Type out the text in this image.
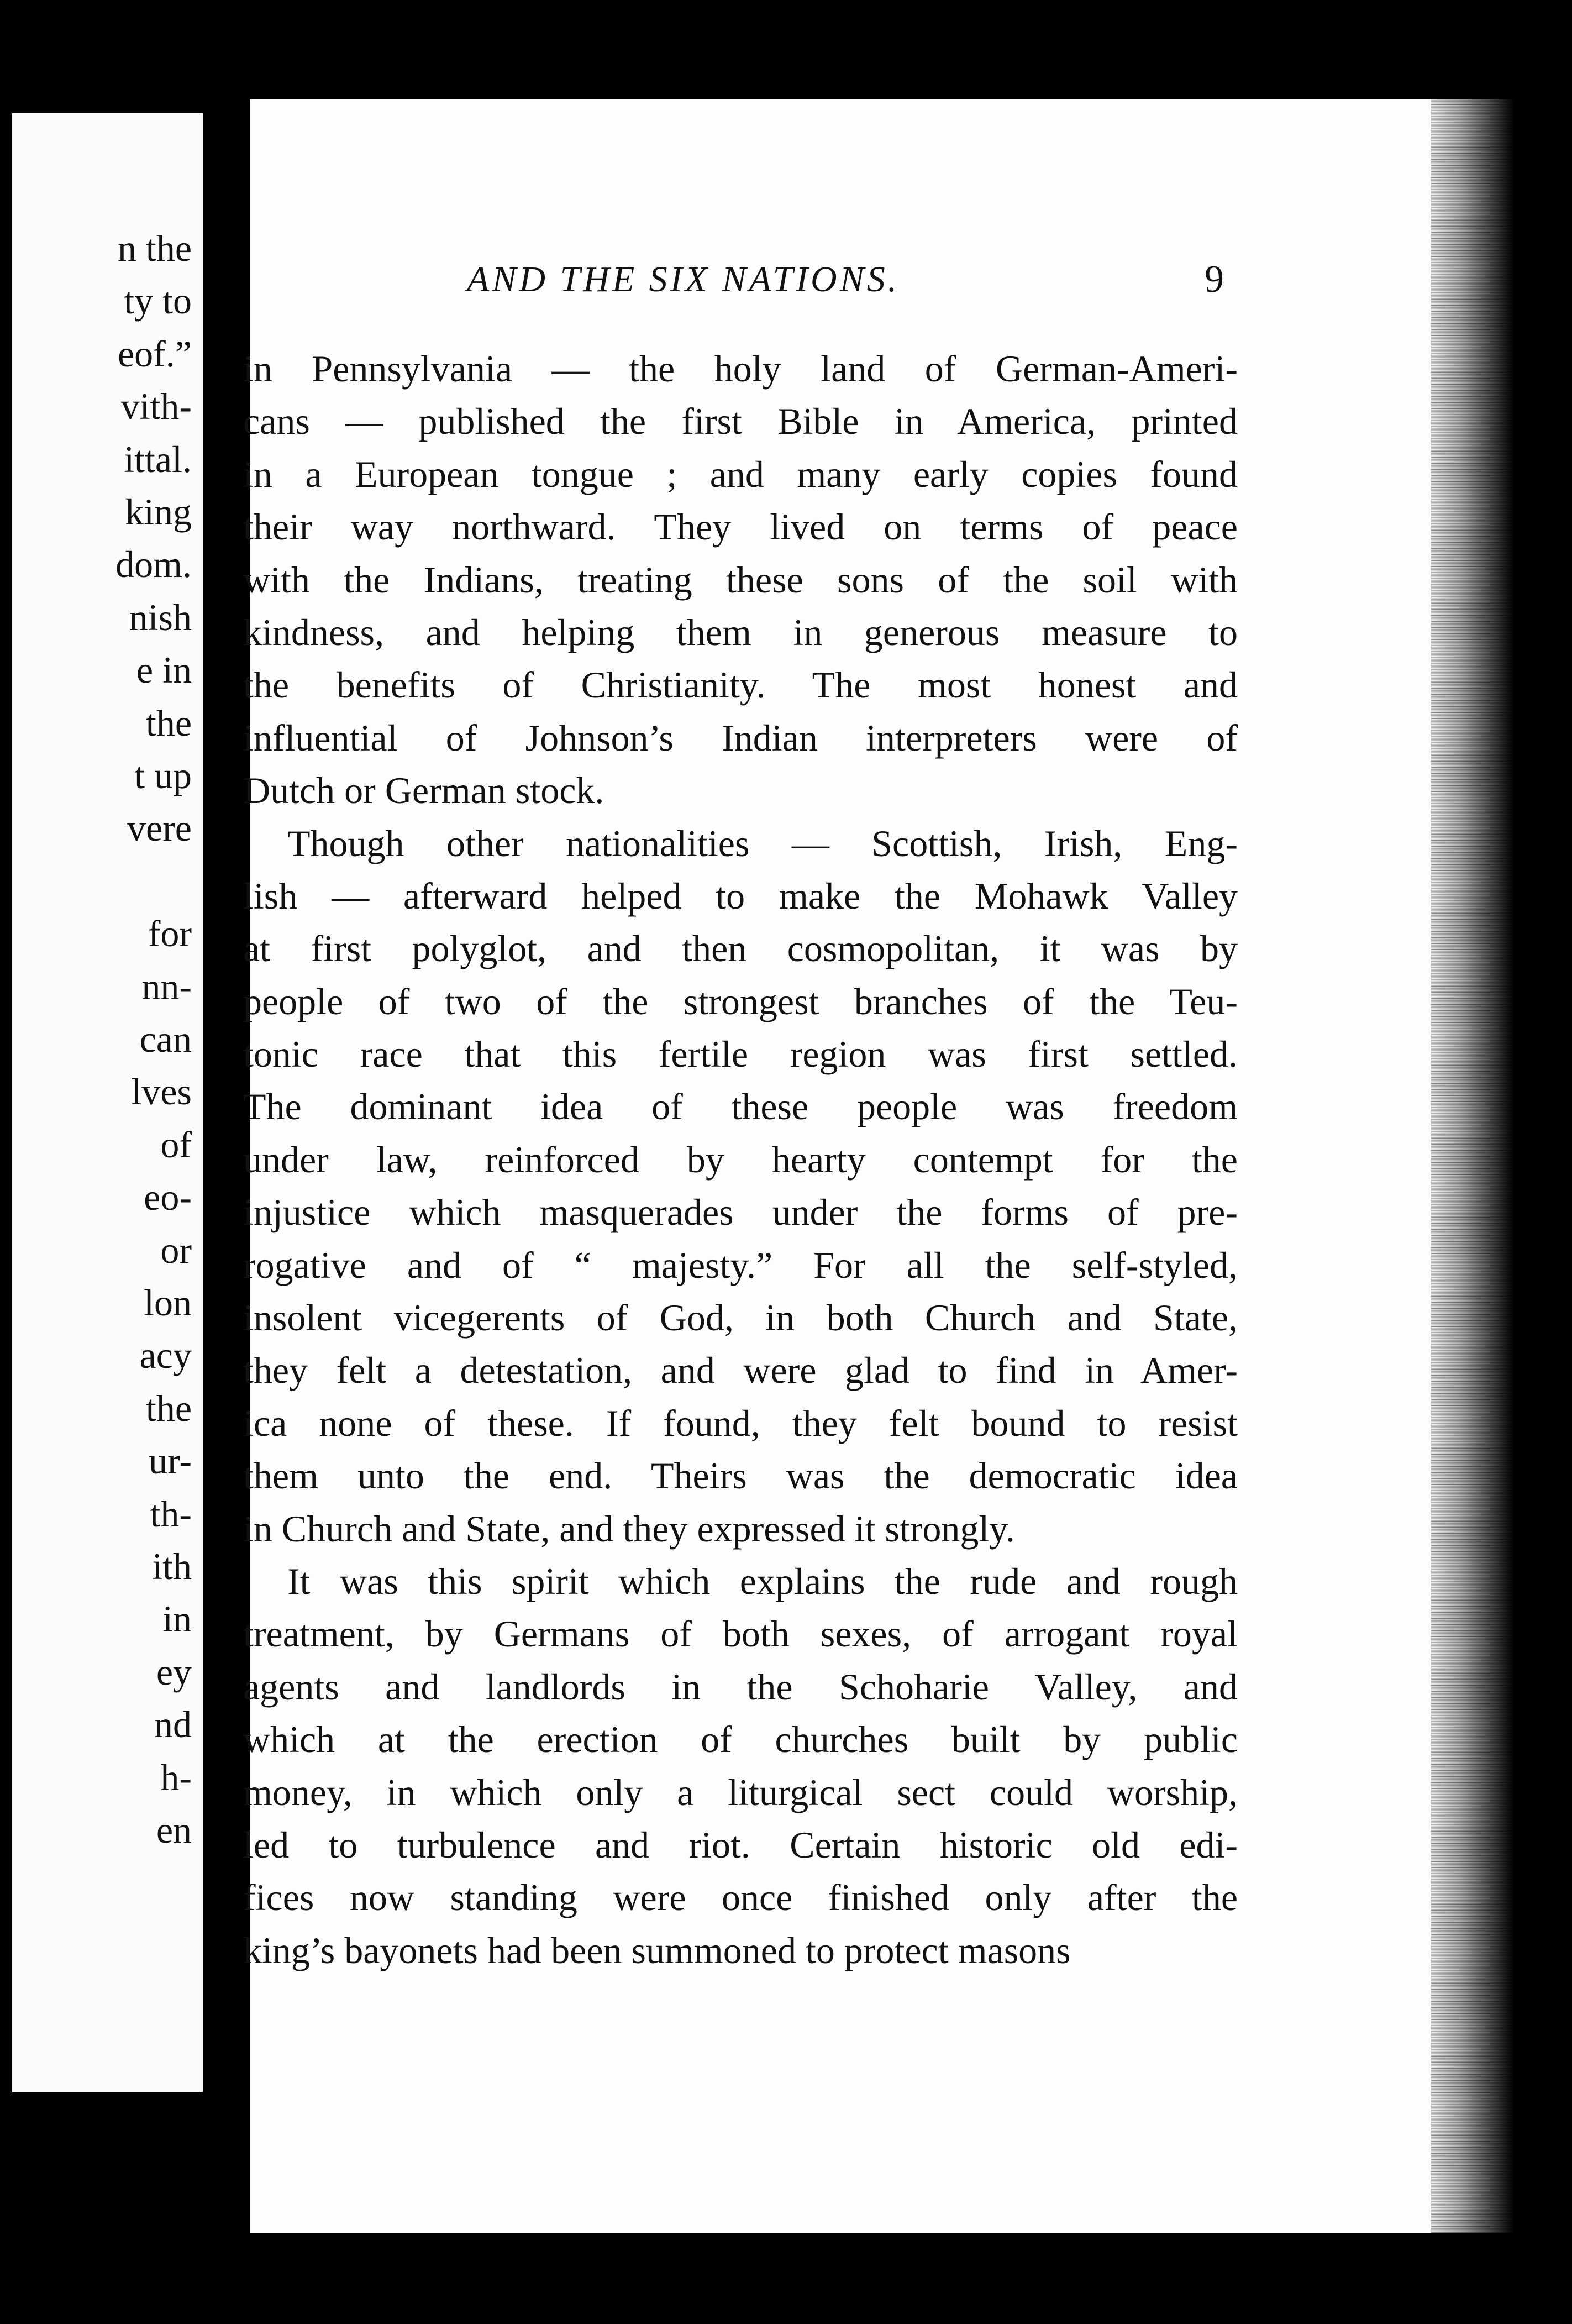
n the
ty to
eof.”
vith-
ittal.
king
dom.
nish
e in
the
t up
vere
for
nn-
can
lves
of
eo-
or
lon
acy
the
ur-
th-
ith
in
ey
nd
h-
en
AND THE SIX NATIONS.	9
in Pennsylvania — the holy land of German-Ameri-
cans — published the first Bible in America, printed
in a European tongue ; and many early copies found
their way northward. They lived on terms of peace
with the Indians, treating these sons of the soil with
kindness, and helping them in generous measure to
the benefits of Christianity. The most honest and
influential of Johnson’s Indian interpreters were of
Dutch or German stock.
Though other nationalities — Scottish, Irish, Eng-
lish — afterward helped to make the Mohawk Valley
at first polyglot, and then cosmopolitan, it was by
people of two of the strongest branches of the Teu-
tonic race that this fertile region was first settled.
The dominant idea of these people was freedom
under law, reinforced by hearty contempt for the
injustice which masquerades under the forms of pre-
rogative and of “ majesty.” For all the self-styled,
insolent vicegerents of God, in both Church and State,
they felt a detestation, and were glad to find in Amer-
ica none of these. If found, they felt bound to resist
them unto the end. Theirs was the democratic idea
in Church and State, and they expressed it strongly.
It was this spirit which explains the rude and rough
treatment, by Germans of both sexes, of arrogant royal
agents and landlords in the Schoharie Valley, and
which at the erection of churches built by public
money, in which only a liturgical sect could worship,
led to turbulence and riot. Certain historic old edi-
fices now standing were once finished only after the
king’s bayonets had been summoned to protect masons
